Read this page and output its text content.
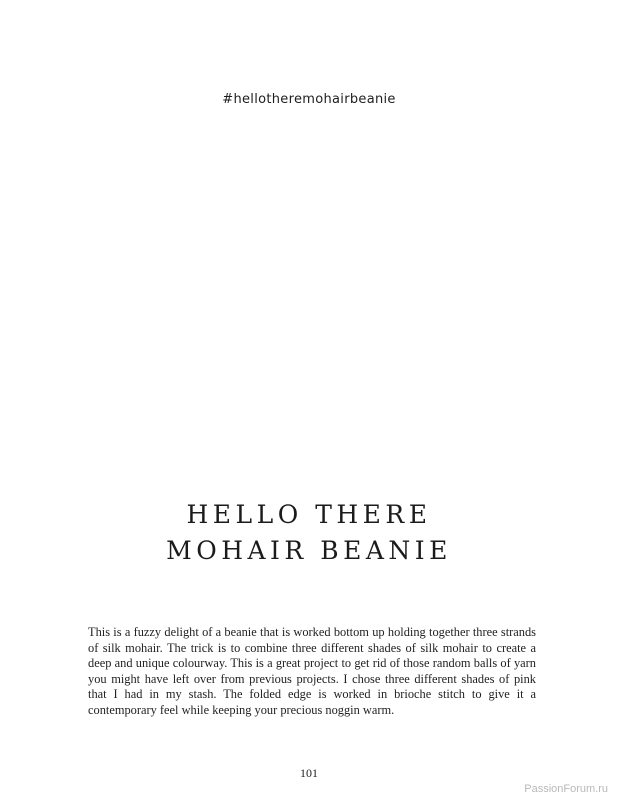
#hellotheremohairbeanie
HELLO THERE
MOHAIR BEANIE
This is a fuzzy delight of a beanie that is worked bottom up holding together three strands of silk mohair. The trick is to combine three different shades of silk mohair to create a deep and unique colourway. This is a great project to get rid of those random balls of yarn you might have left over from previous projects. I chose three different shades of pink that I had in my stash. The folded edge is worked in brioche stitch to give it a contemporary feel while keeping your precious noggin warm.
101
PassionForum.ru
